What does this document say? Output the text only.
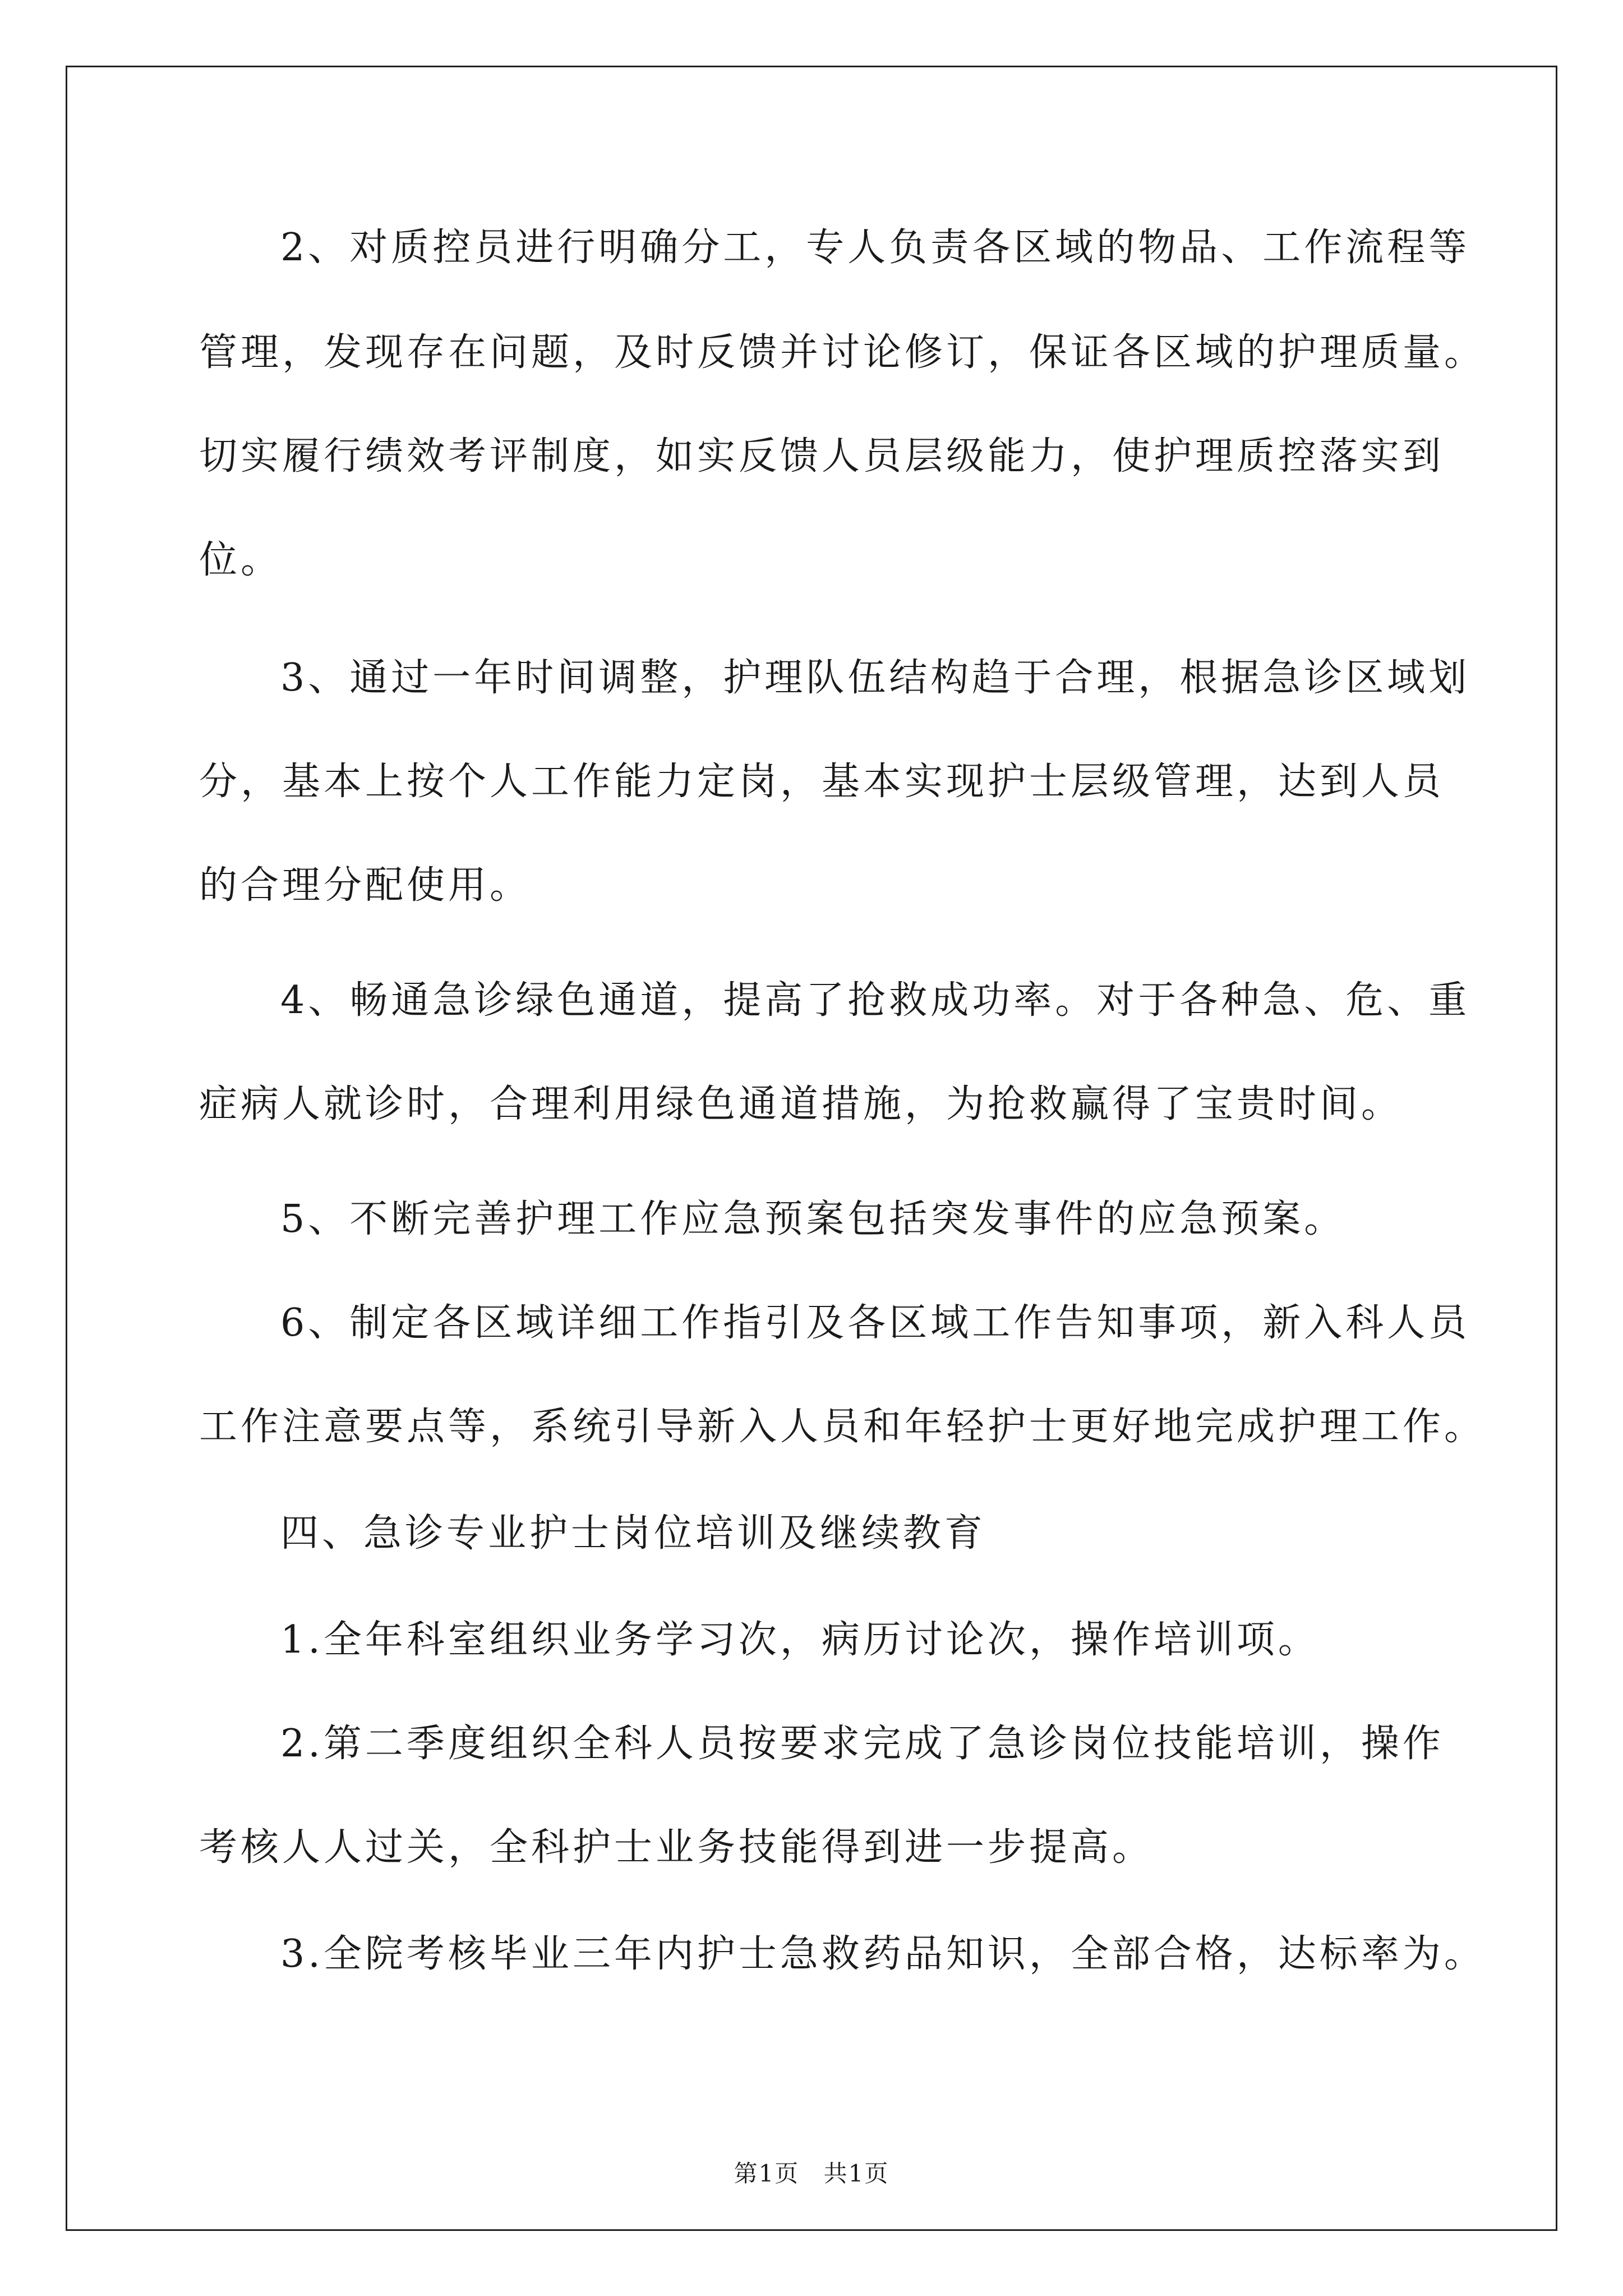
2、对质控员进行明确分工，专人负责各区域的物品、工作流程等
管理，发现存在问题，及时反馈并讨论修订，保证各区域的护理质量。
切实履行绩效考评制度，如实反馈人员层级能力，使护理质控落实到
位。
3、通过一年时间调整，护理队伍结构趋于合理，根据急诊区域划
分，基本上按个人工作能力定岗，基本实现护士层级管理，达到人员
的合理分配使用。
4、畅通急诊绿色通道，提高了抢救成功率。对于各种急、危、重
症病人就诊时，合理利用绿色通道措施，为抢救赢得了宝贵时间。
5、不断完善护理工作应急预案包括突发事件的应急预案。
6、制定各区域详细工作指引及各区域工作告知事项，新入科人员
工作注意要点等，系统引导新入人员和年轻护士更好地完成护理工作。
四、急诊专业护士岗位培训及继续教育
1.全年科室组织业务学习次，病历讨论次，操作培训项。
2.第二季度组织全科人员按要求完成了急诊岗位技能培训，操作
考核人人过关，全科护士业务技能得到进一步提高。
3.全院考核毕业三年内护士急救药品知识，全部合格，达标率为。
第1页 共1页
